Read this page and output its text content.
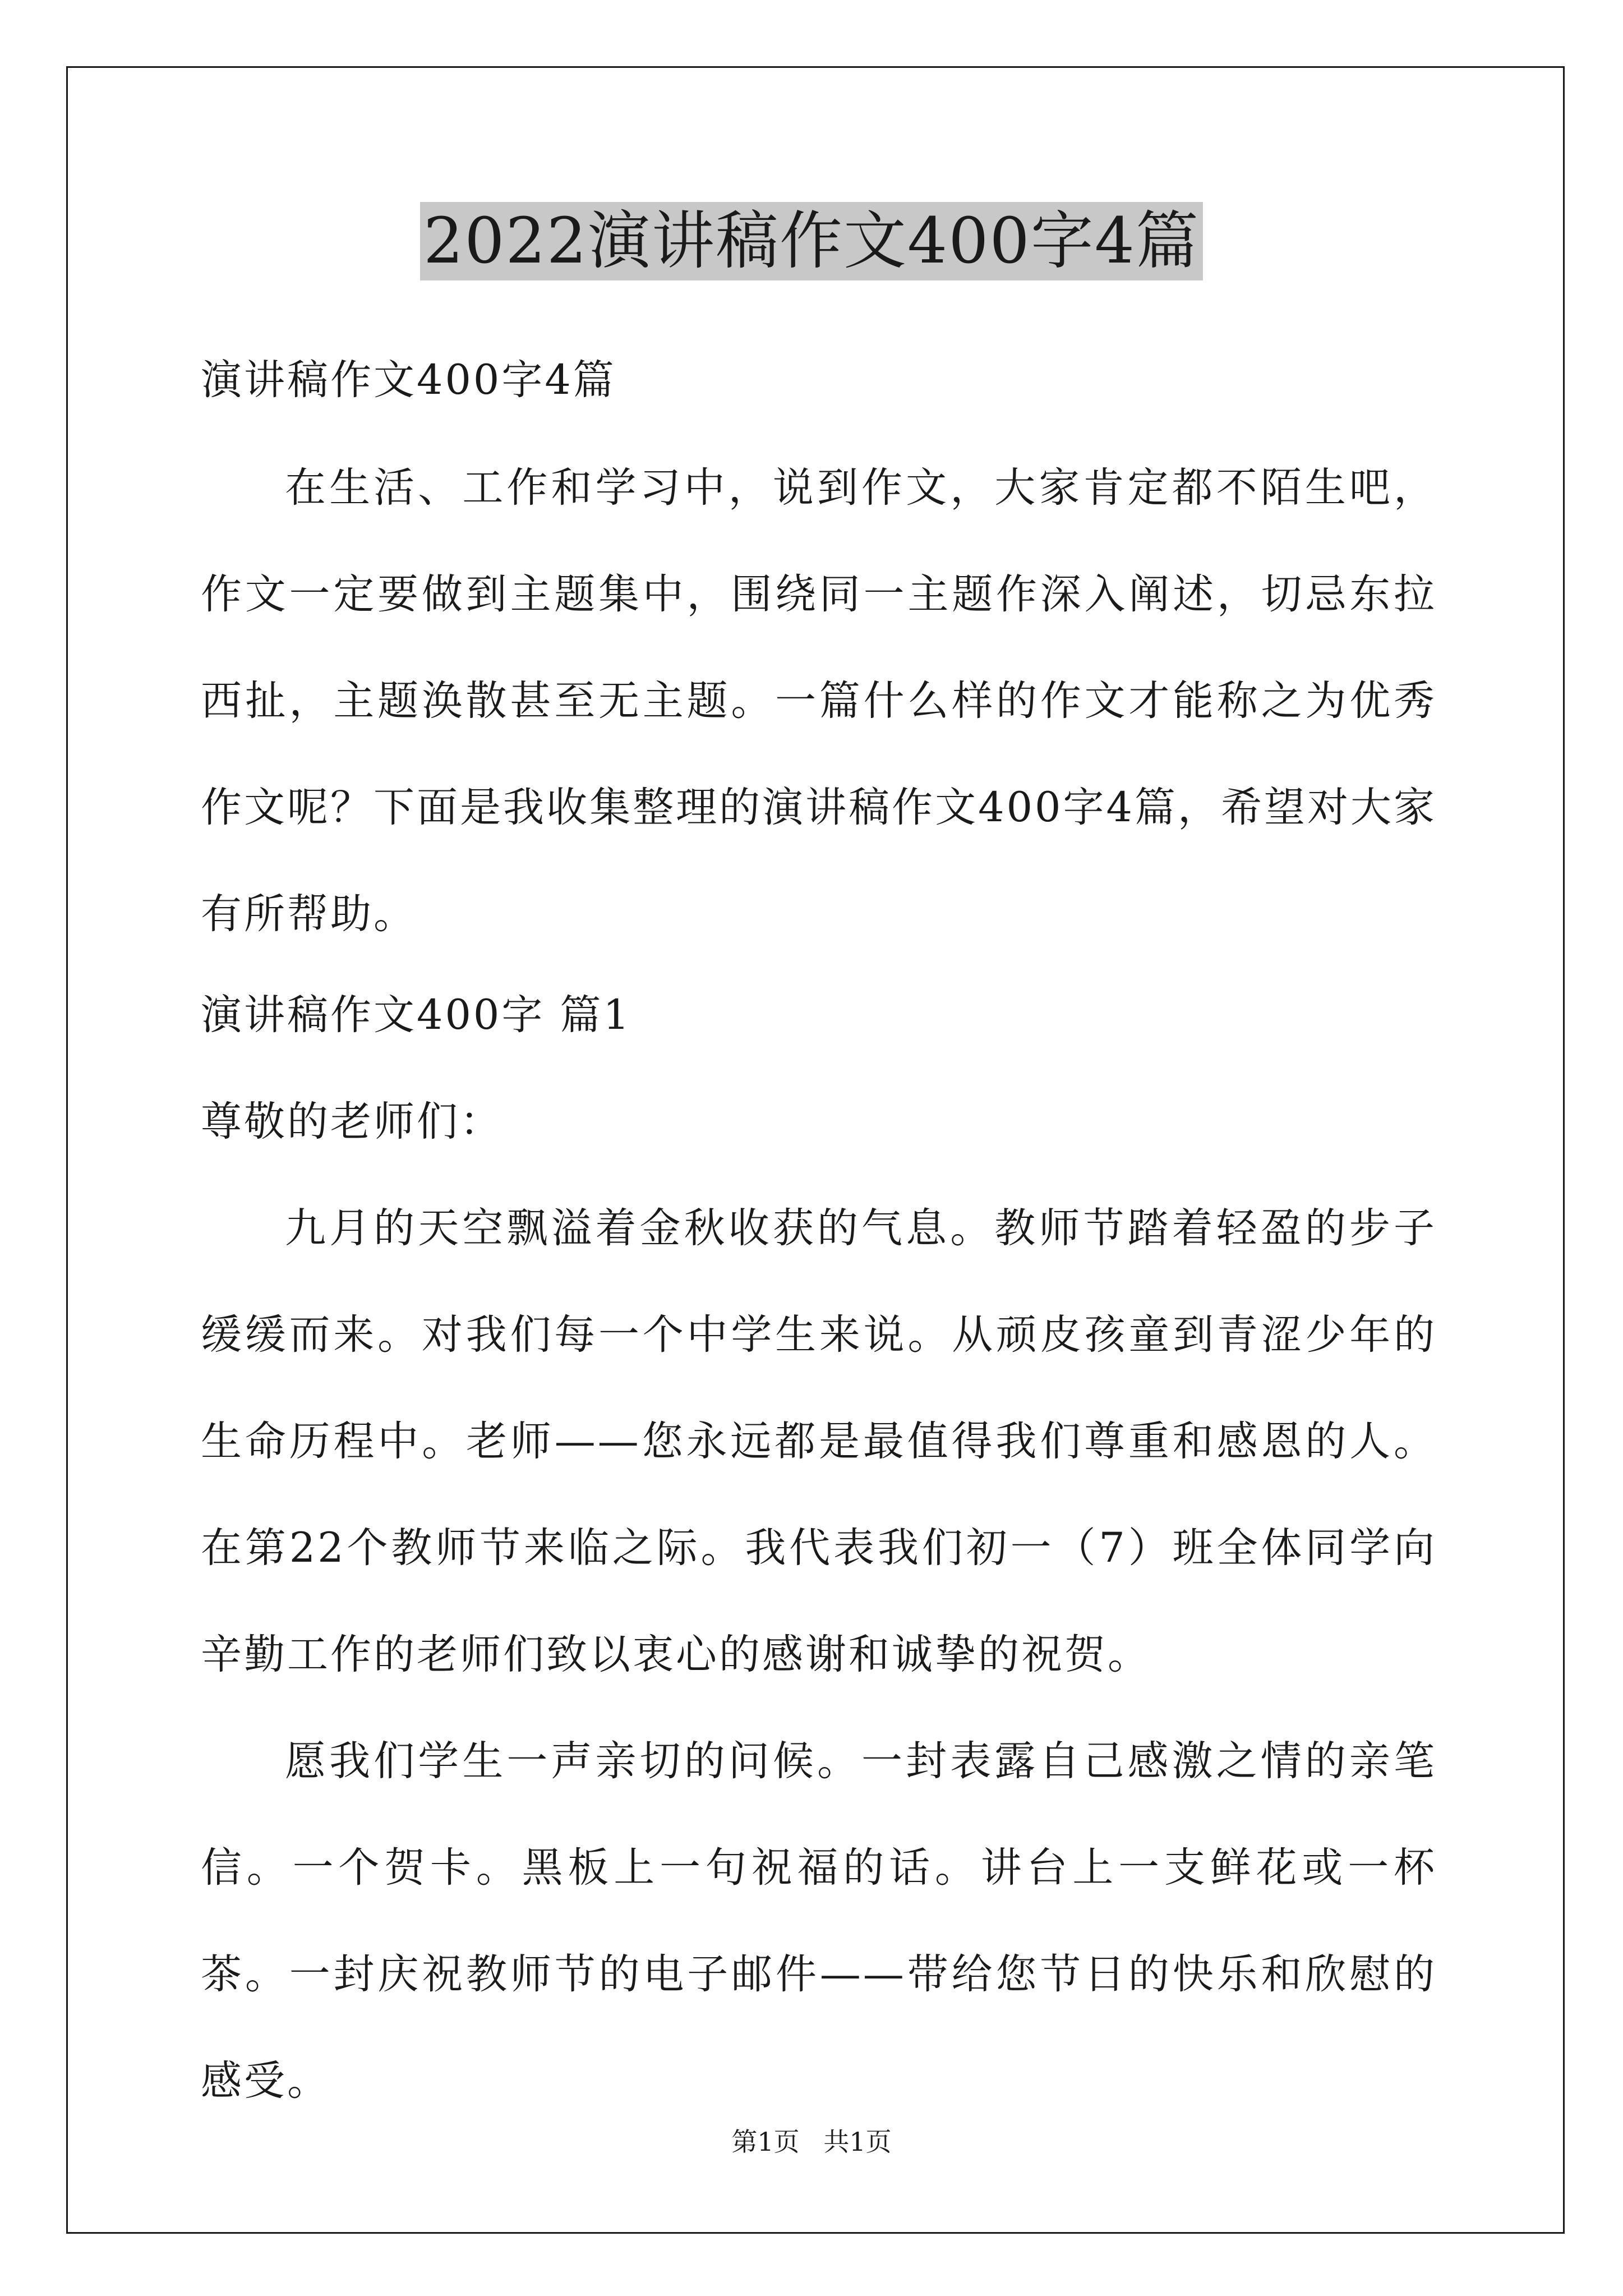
2022演讲稿作文400字4篇
演讲稿作文400字4篇
在生活、工作和学习中，说到作文，大家肯定都不陌生吧，作文一定要做到主题集中，围绕同一主题作深入阐述，切忌东拉西扯，主题涣散甚至无主题。一篇什么样的作文才能称之为优秀作文呢？下面是我收集整理的演讲稿作文400字4篇，希望对大家有所帮助。
演讲稿作文400字 篇1
尊敬的老师们：
九月的天空飘溢着金秋收获的气息。教师节踏着轻盈的步子缓缓而来。对我们每一个中学生来说。从顽皮孩童到青涩少年的生命历程中。老师——您永远都是最值得我们尊重和感恩的人。在第22个教师节来临之际。我代表我们初一（7）班全体同学向辛勤工作的老师们致以衷心的感谢和诚挚的祝贺。
愿我们学生一声亲切的问候。一封表露自己感激之情的亲笔信。一个贺卡。黑板上一句祝福的话。讲台上一支鲜花或一杯茶。一封庆祝教师节的电子邮件——带给您节日的快乐和欣慰的感受。
第1页 共1页
